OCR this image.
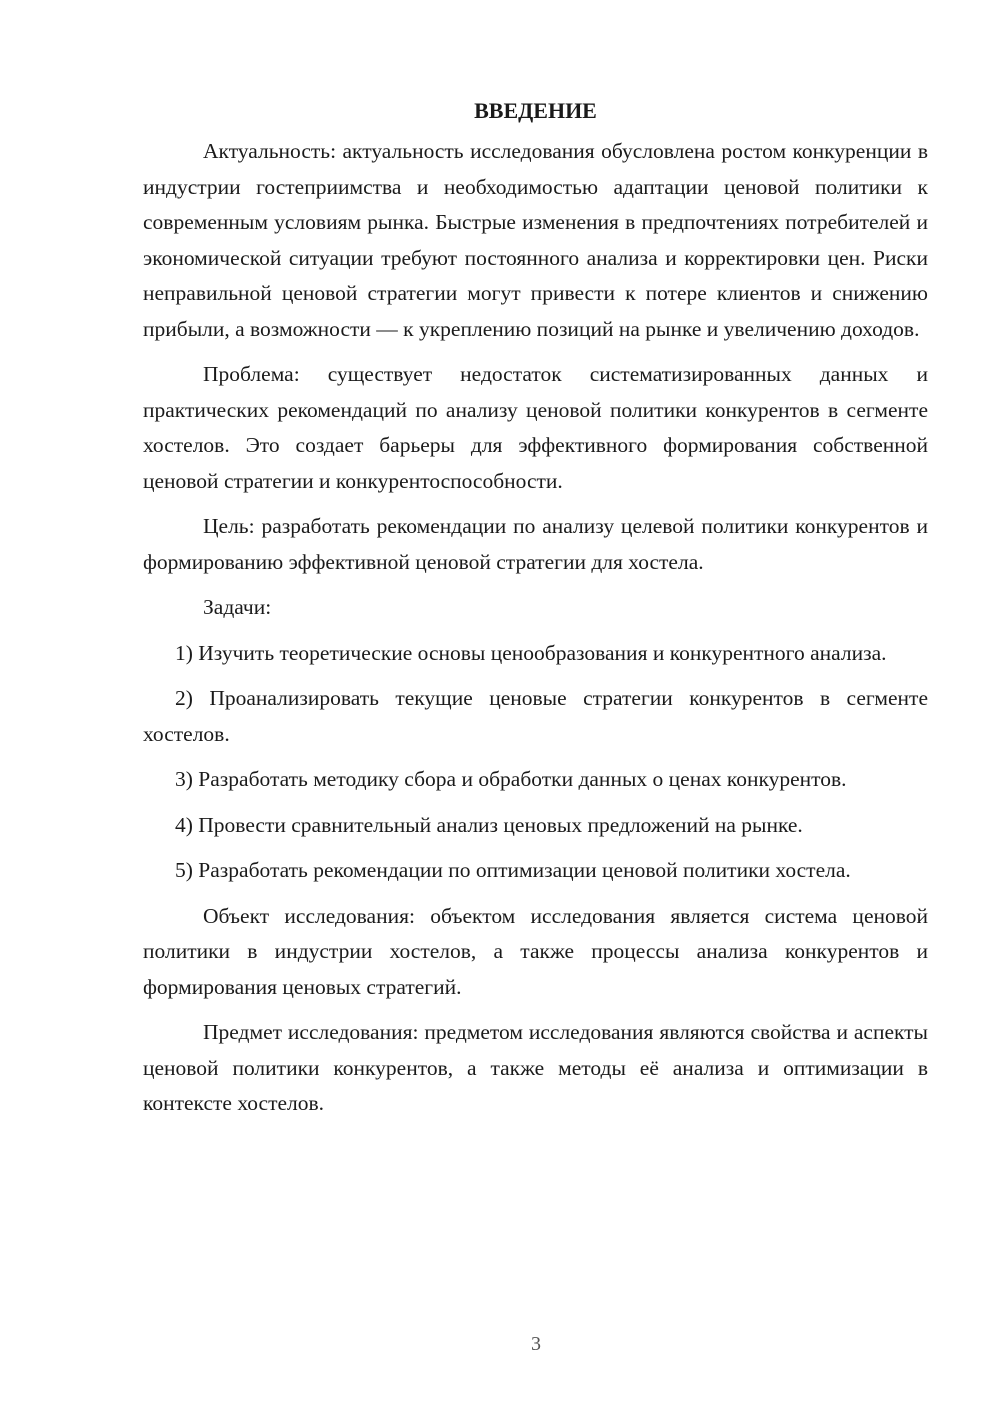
ВВЕДЕНИЕ

Актуальность: актуальность исследования обусловлена ростом конкуренции в индустрии гостеприимства и необходимостью адаптации ценовой политики к современным условиям рынка. Быстрые изменения в предпочтениях потребителей и экономической ситуации требуют постоянного анализа и корректировки цен. Риски неправильной ценовой стратегии могут привести к потере клиентов и снижению прибыли, а возможности — к укреплению позиций на рынке и увеличению доходов.

Проблема: существует недостаток систематизированных данных и практических рекомендаций по анализу ценовой политики конкурентов в сегменте хостелов. Это создает барьеры для эффективного формирования собственной ценовой стратегии и конкурентоспособности.

Цель: разработать рекомендации по анализу целевой политики конкурентов и формированию эффективной ценовой стратегии для хостела.

Задачи:

1) Изучить теоретические основы ценообразования и конкурентного анализа.

2) Проанализировать текущие ценовые стратегии конкурентов в сегменте хостелов.

3) Разработать методику сбора и обработки данных о ценах конкурентов.

4) Провести сравнительный анализ ценовых предложений на рынке.

5) Разработать рекомендации по оптимизации ценовой политики хостела.

Объект исследования: объектом исследования является система ценовой политики в индустрии хостелов, а также процессы анализа конкурентов и формирования ценовых стратегий.

Предмет исследования: предметом исследования являются свойства и аспекты ценовой политики конкурентов, а также методы её анализа и оптимизации в контексте хостелов.

3
